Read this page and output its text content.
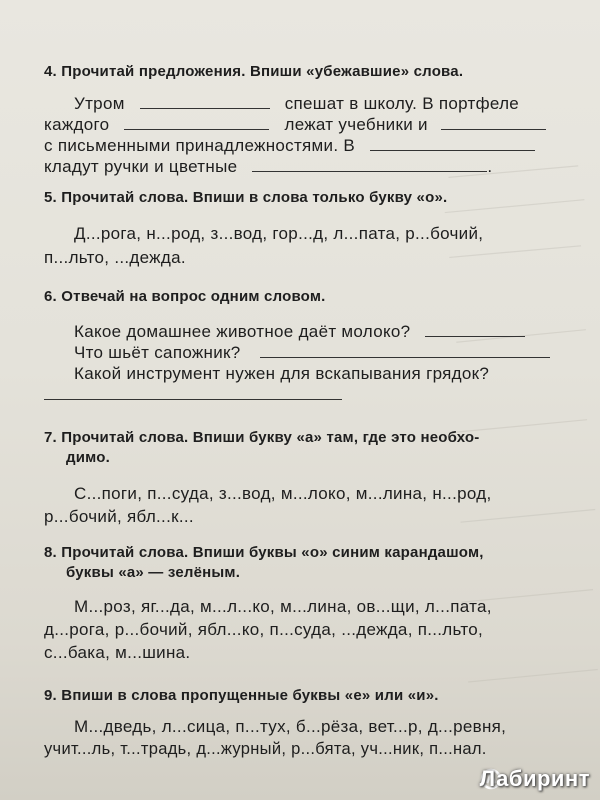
4. Прочитай предложения. Впиши «убежавшие» слова.
Утром	спешат в школу. В портфеле
каждого	лежат учебники и
с письменными принадлежностями. В
кладут ручки и цветные	.
5. Прочитай слова. Впиши в слова только букву «о».
Д...рога, н...род, з...вод, гор...д, л...пата, р...бочий,
п...льто, ...дежда.
6. Отвечай на вопрос одним словом.
Какое домашнее животное даёт молоко?
Что шьёт сапожник?
Какой инструмент нужен для вскапывания грядок?
7. Прочитай слова. Впиши букву «а» там, где это необхо-
димо.
С...поги, п...суда, з...вод, м...локо, м...лина, н...род,
р...бочий, ябл...к...
8. Прочитай слова. Впиши буквы «о» синим карандашом,
буквы «а» — зелёным.
М...роз, яг...да, м...л...ко, м...лина, ов...щи, л...пата,
д...рога, р...бочий, ябл...ко, п...суда, ...дежда, п...льто,
с...бака, м...шина.
9. Впиши в слова пропущенные буквы «е» или «и».
М...дведь, л...сица, п...тух, б...рёза, вет...р, д...ревня,
учит...ль, т...традь, д...журный, р...бята, уч...ник, п...нал.
Лабиринт
